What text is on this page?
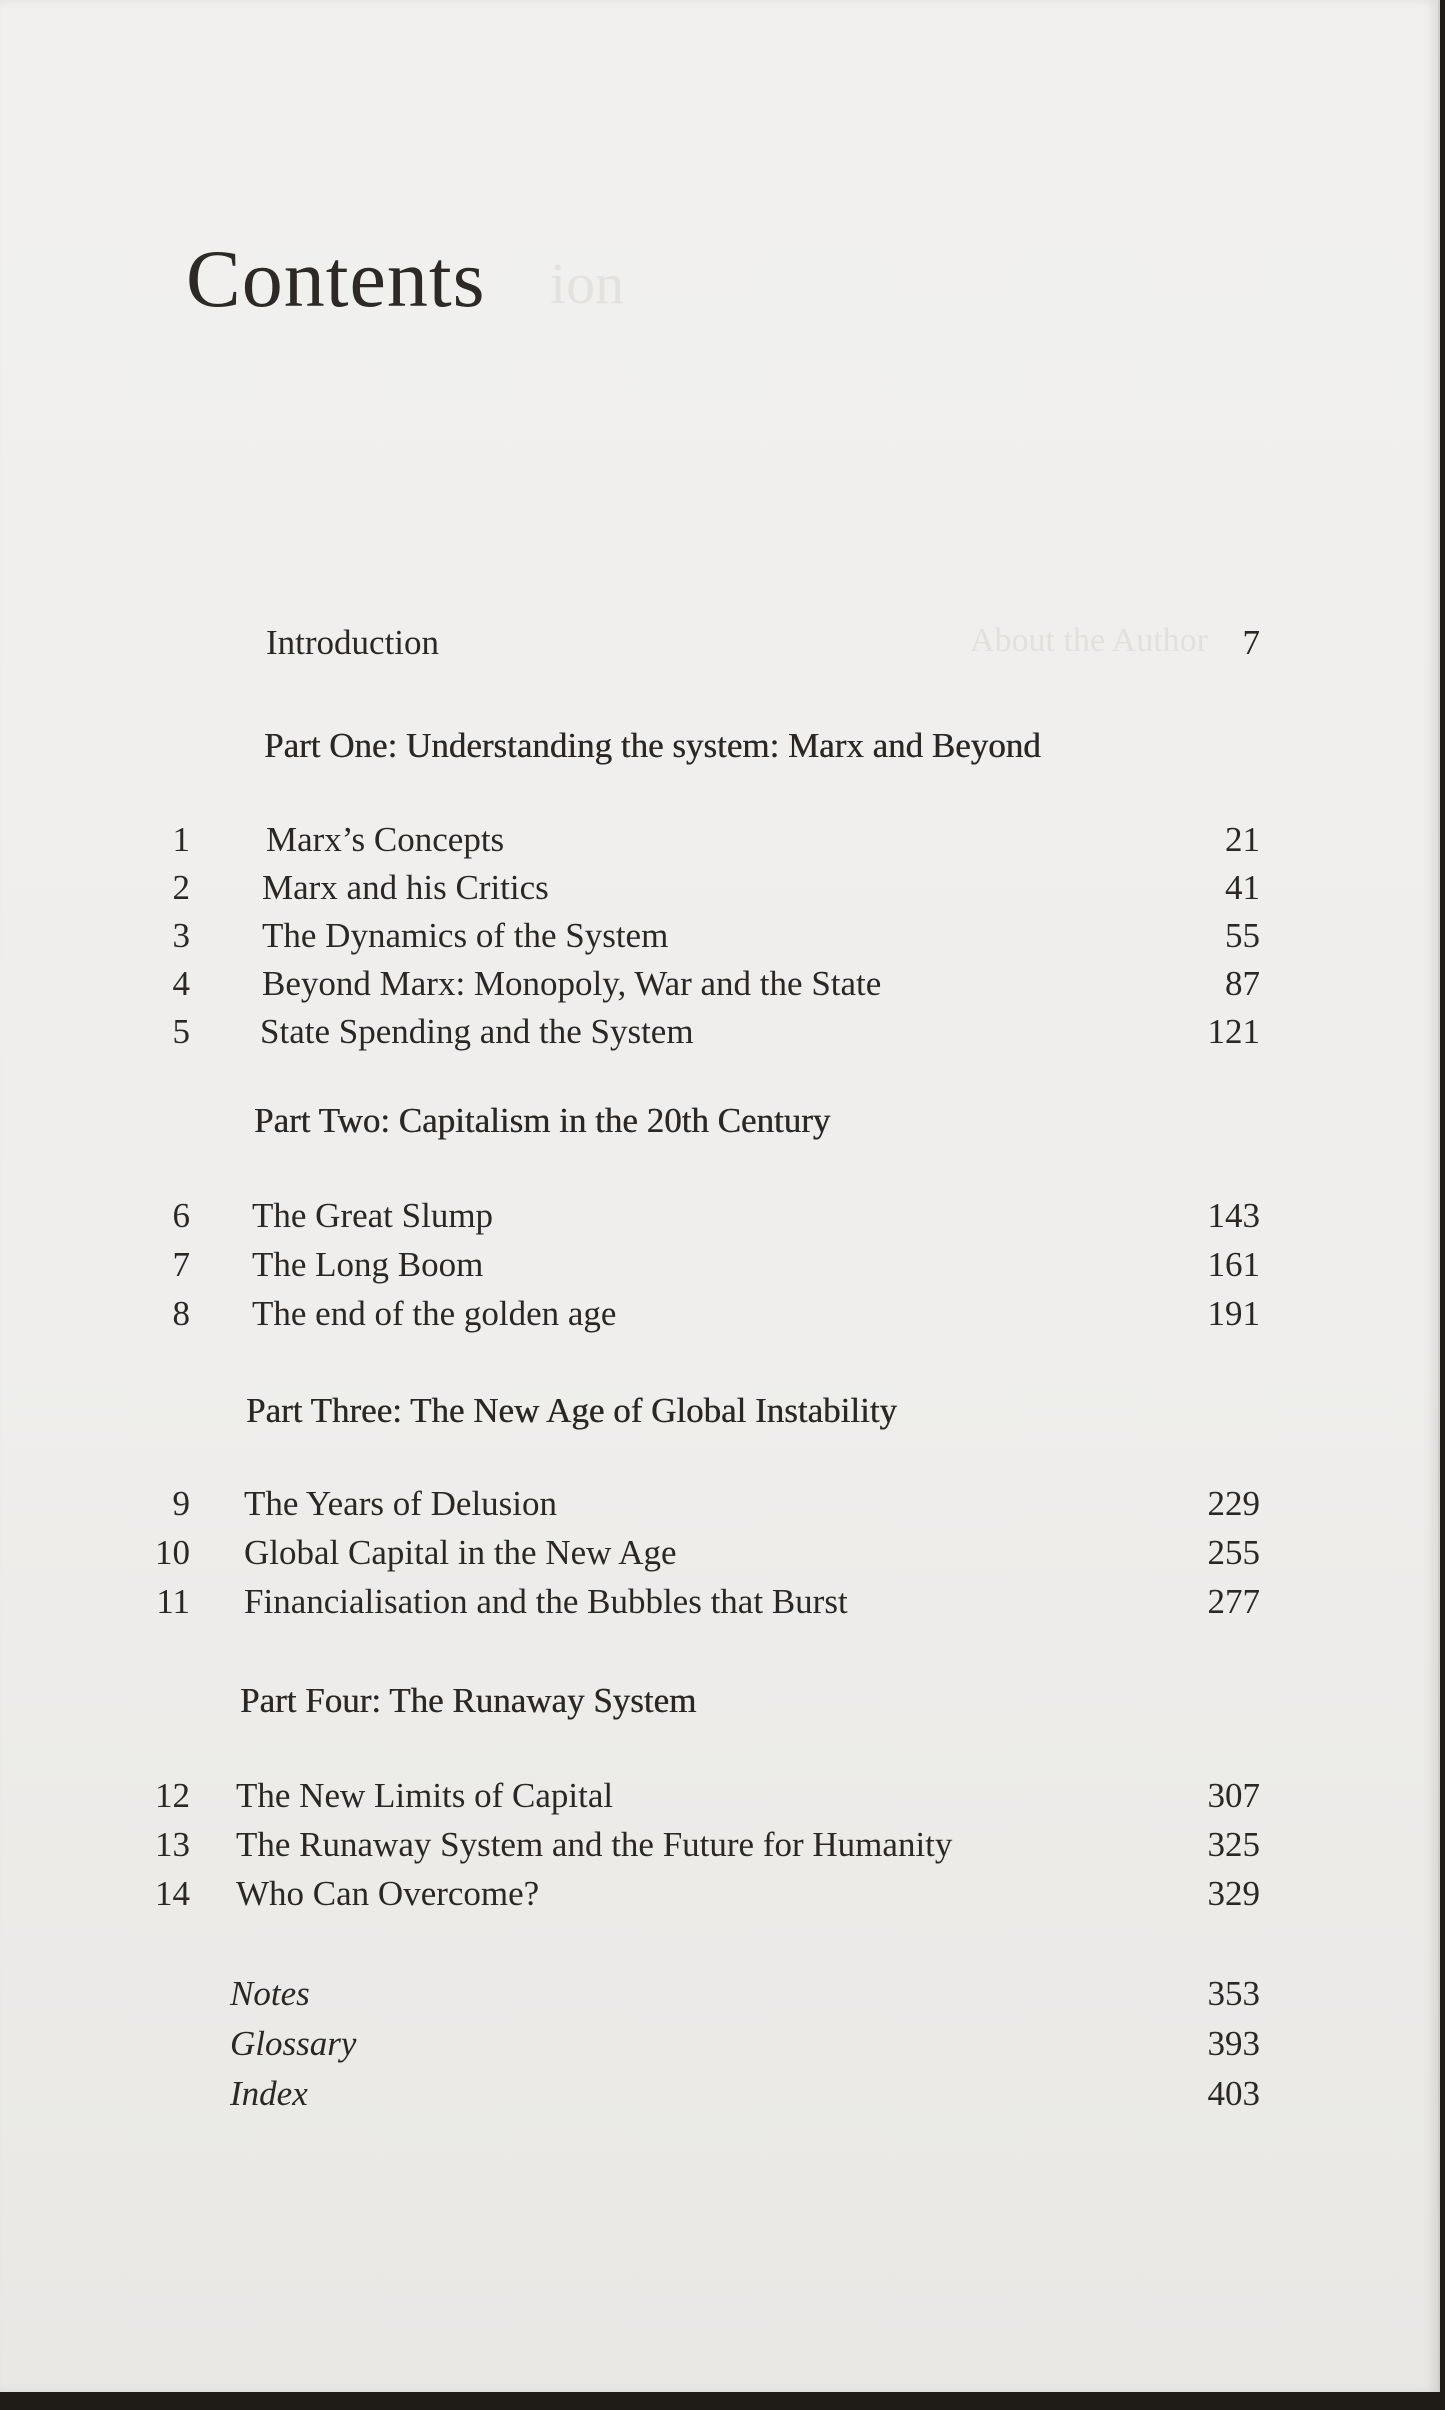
ion
About the Author
Contents
Introduction	7
Part One: Understanding the system: Marx and Beyond
1 Marx’s Concepts	21
2 Marx and his Critics	41
3 The Dynamics of the System	55
4 Beyond Marx: Monopoly, War and the State	87
5 State Spending and the System	121
Part Two: Capitalism in the 20th Century
6 The Great Slump	143
7 The Long Boom	161
8 The end of the golden age	191
Part Three: The New Age of Global Instability
9 The Years of Delusion	229
10 Global Capital in the New Age	255
11 Financialisation and the Bubbles that Burst	277
Part Four: The Runaway System
12 The New Limits of Capital	307
13 The Runaway System and the Future for Humanity	325
14 Who Can Overcome?	329
Notes	353
Glossary	393
Index	403
